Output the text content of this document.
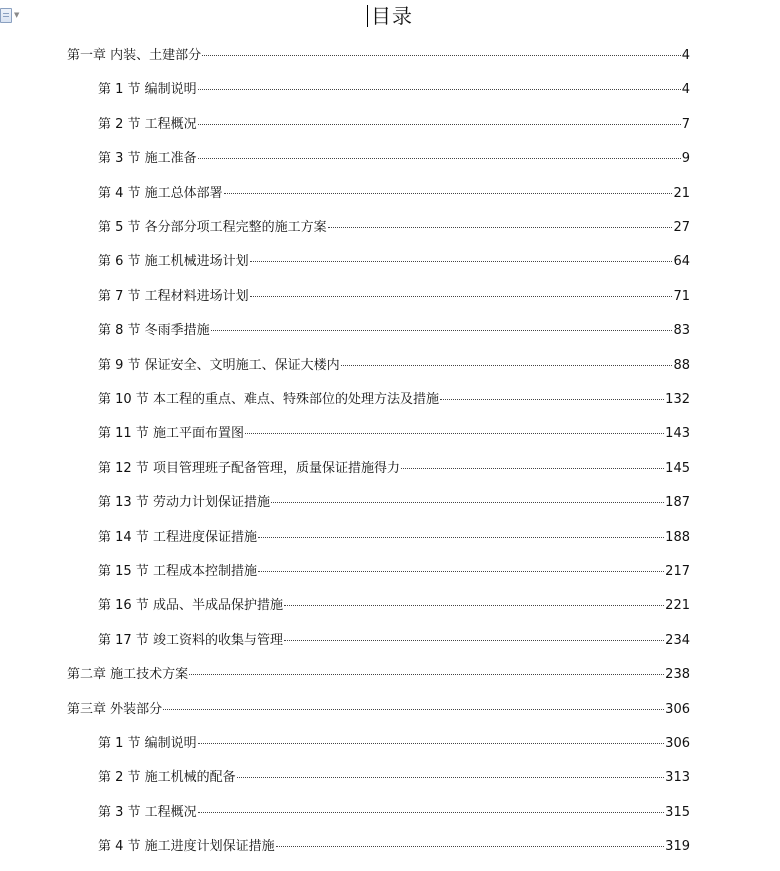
▼	目录
第一章 内装、土建部分	4
第 1 节 编制说明	4
第 2 节 工程概况	7
第 3 节 施工准备	9
第 4 节 施工总体部署	21
第 5 节 各分部分项工程完整的施工方案	27
第 6 节 施工机械进场计划	64
第 7 节 工程材料进场计划	71
第 8 节 冬雨季措施	83
第 9 节 保证安全、文明施工、保证大楼内	88
第 10 节 本工程的重点、难点、特殊部位的处理方法及措施	132
第 11 节 施工平面布置图	143
第 12 节 项目管理班子配备管理，质量保证措施得力	145
第 13 节 劳动力计划保证措施	187
第 14 节 工程进度保证措施	188
第 15 节 工程成本控制措施	217
第 16 节 成品、半成品保护措施	221
第 17 节 竣工资料的收集与管理	234
第二章 施工技术方案	238
第三章 外装部分	306
第 1 节 编制说明	306
第 2 节 施工机械的配备	313
第 3 节 工程概况	315
第 4 节 施工进度计划保证措施	319
